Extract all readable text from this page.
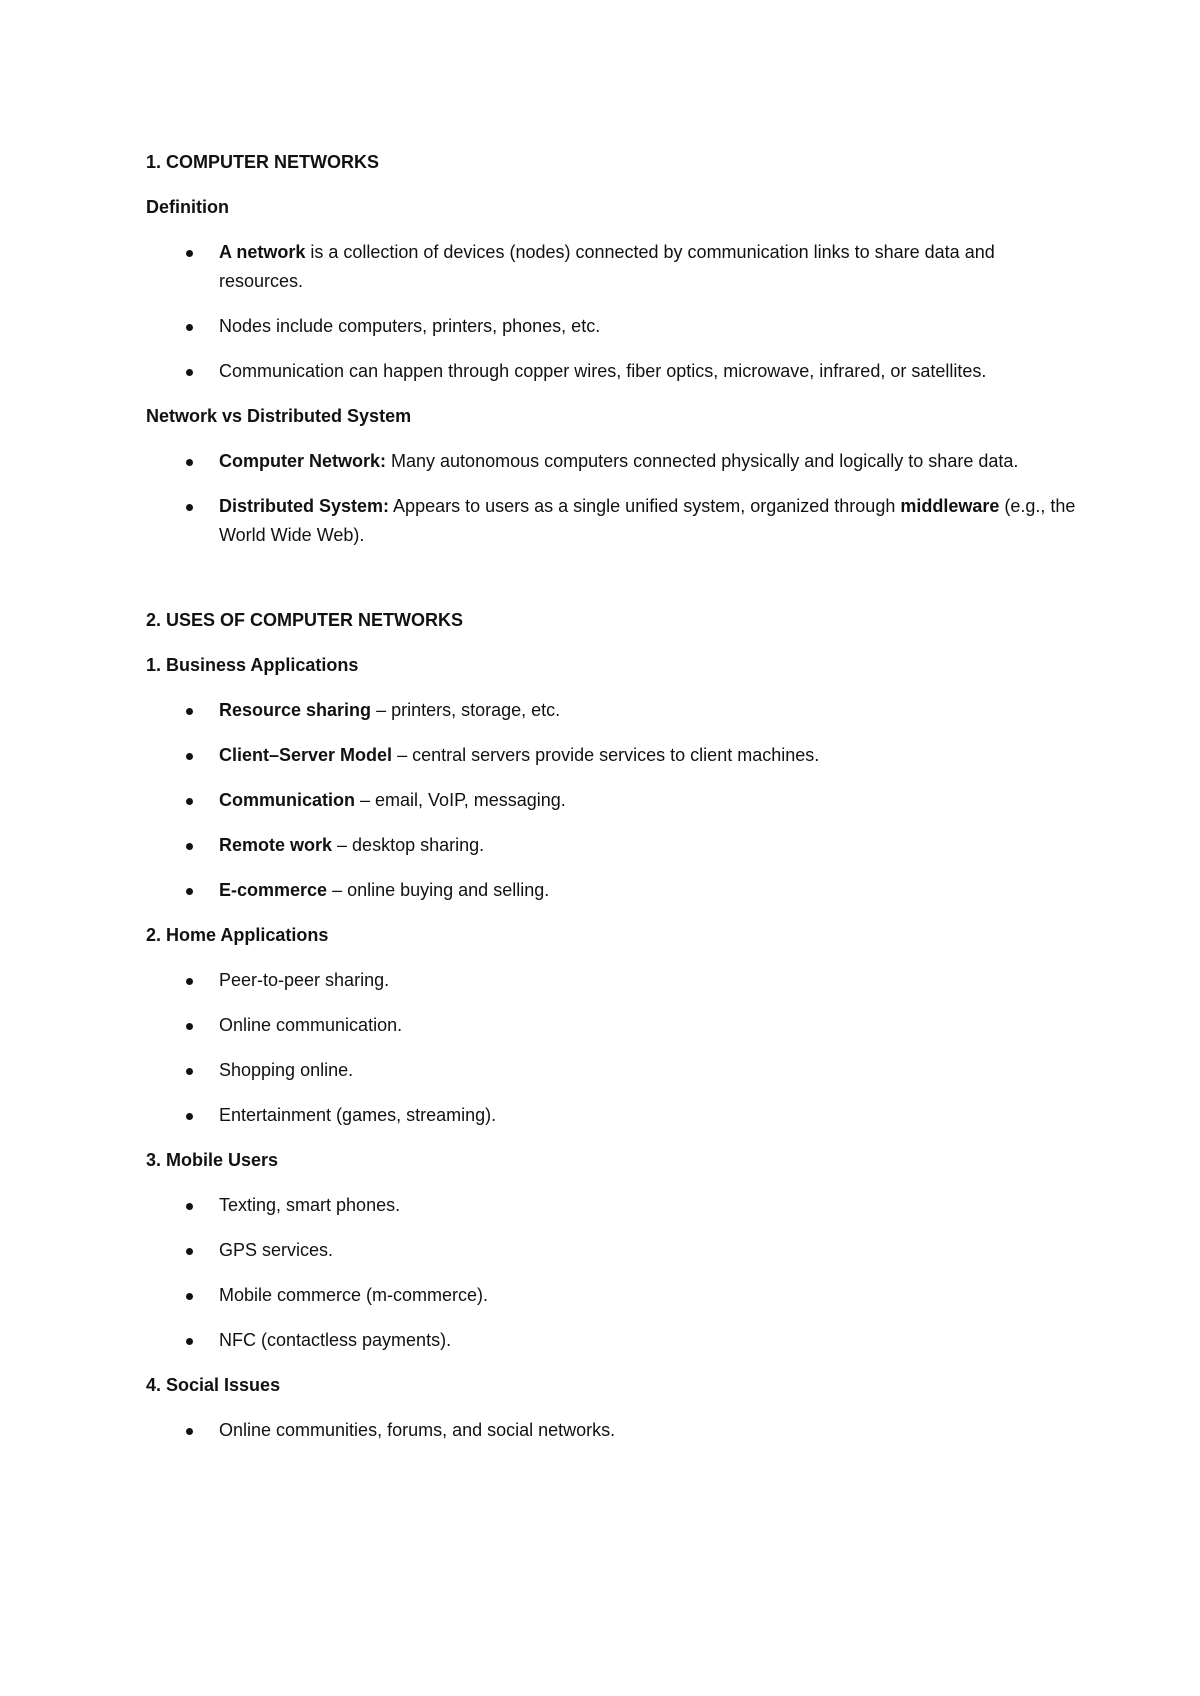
1. COMPUTER NETWORKS
Definition
A network is a collection of devices (nodes) connected by communication links to share data and resources.
Nodes include computers, printers, phones, etc.
Communication can happen through copper wires, fiber optics, microwave, infrared, or satellites.
Network vs Distributed System
Computer Network: Many autonomous computers connected physically and logically to share data.
Distributed System: Appears to users as a single unified system, organized through middleware (e.g., the World Wide Web).
2. USES OF COMPUTER NETWORKS
1. Business Applications
Resource sharing – printers, storage, etc.
Client–Server Model – central servers provide services to client machines.
Communication – email, VoIP, messaging.
Remote work – desktop sharing.
E-commerce – online buying and selling.
2. Home Applications
Peer-to-peer sharing.
Online communication.
Shopping online.
Entertainment (games, streaming).
3. Mobile Users
Texting, smart phones.
GPS services.
Mobile commerce (m-commerce).
NFC (contactless payments).
4. Social Issues
Online communities, forums, and social networks.
